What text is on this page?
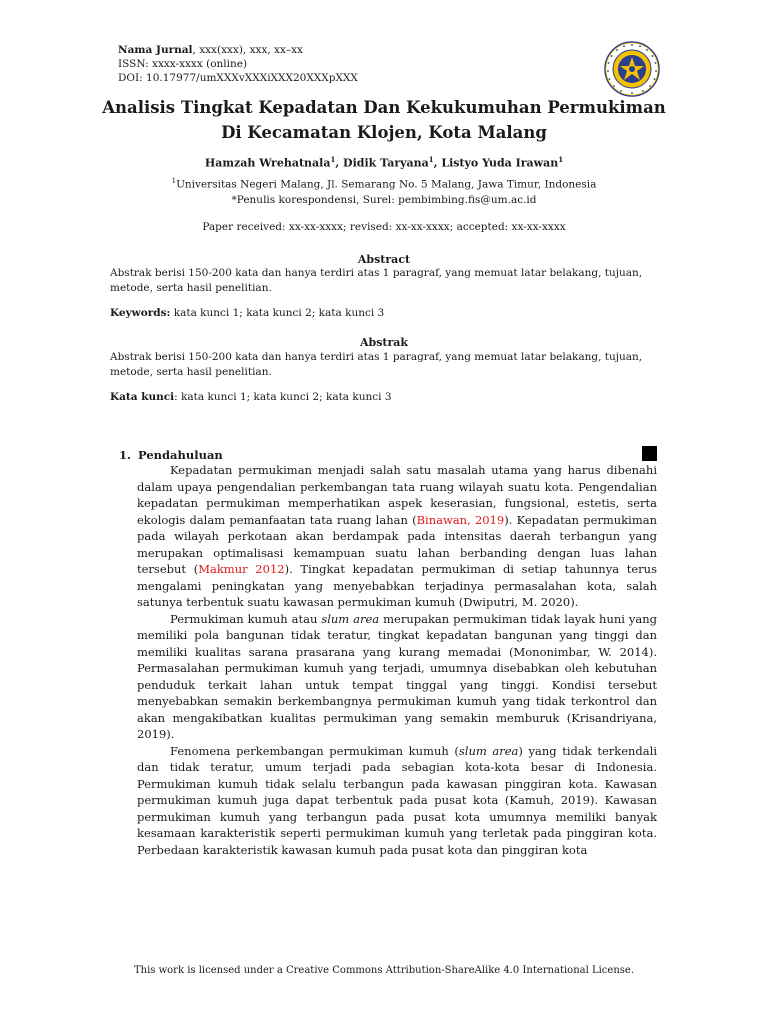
Nama Jurnal, xxx(xxx), xxx, xx–xx
ISSN: xxxx-xxxx (online)
DOI: 10.17977/umXXXvXXXiXXX20XXXpXXX
Analisis Tingkat Kepadatan Dan Kekukumuhan Permukiman
Di Kecamatan Klojen, Kota Malang
Hamzah Wrehatnala$^1$, Didik Taryana$^1$, Listyo Yuda Irawan$^1$
$^1$Universitas Negeri Malang, Jl. Semarang No. 5 Malang, Jawa Timur, Indonesia
*Penulis korespondensi, Surel: pembimbing.fis@um.ac.id
Paper received: xx-xx-xxxx; revised: xx-xx-xxxx; accepted: xx-xx-xxxx
Abstract
Abstrak berisi 150-200 kata dan hanya terdiri atas 1 paragraf, yang memuat latar belakang, tujuan, metode, serta hasil penelitian.
Keywords: kata kunci 1; kata kunci 2; kata kunci 3
Abstrak
Abstrak berisi 150-200 kata dan hanya terdiri atas 1 paragraf, yang memuat latar belakang, tujuan, metode, serta hasil penelitian.
Kata kunci: kata kunci 1; kata kunci 2; kata kunci 3
1. Pendahuluan

Kepadatan permukiman menjadi salah satu masalah utama yang harus dibenahi dalam upaya pengendalian perkembangan tata ruang wilayah suatu kota. Pengendalian kepadatan permukiman memperhatikan aspek keserasian, fungsional, estetis, serta ekologis dalam pemanfaatan tata ruang lahan (Binawan, 2019). Kepadatan permukiman pada wilayah perkotaan akan berdampak pada intensitas daerah terbangun yang merupakan optimalisasi kemampuan suatu lahan berbanding dengan luas lahan tersebut (Makmur 2012). Tingkat kepadatan permukiman di setiap tahunnya terus mengalami peningkatan yang menyebabkan terjadinya permasalahan kota, salah satunya terbentuk suatu kawasan permukiman kumuh (Dwiputri, M. 2020).

Permukiman kumuh atau slum area merupakan permukiman tidak layak huni yang memiliki pola bangunan tidak teratur, tingkat kepadatan bangunan yang tinggi dan memiliki kualitas sarana prasarana yang kurang memadai (Mononimbar, W. 2014). Permasalahan permukiman kumuh yang terjadi, umumnya disebabkan oleh kebutuhan penduduk terkait lahan untuk tempat tinggal yang tinggi. Kondisi tersebut menyebabkan semakin berkembangnya permukiman kumuh yang tidak terkontrol dan akan mengakibatkan kualitas permukiman yang semakin memburuk (Krisandriyana, 2019).

Fenomena perkembangan permukiman kumuh (slum area) yang tidak terkendali dan tidak teratur, umum terjadi pada sebagian kota-kota besar di Indonesia. Permukiman kumuh tidak selalu terbangun pada kawasan pinggiran kota. Kawasan permukiman kumuh juga dapat terbentuk pada pusat kota (Kamuh, 2019). Kawasan permukiman kumuh yang terbangun pada pusat kota umumnya memiliki banyak kesamaan karakteristik seperti permukiman kumuh yang terletak pada pinggiran kota. Perbedaan karakteristik kawasan kumuh pada pusat kota dan pinggiran kota

This work is licensed under a Creative Commons Attribution-ShareAlike 4.0 International License.
